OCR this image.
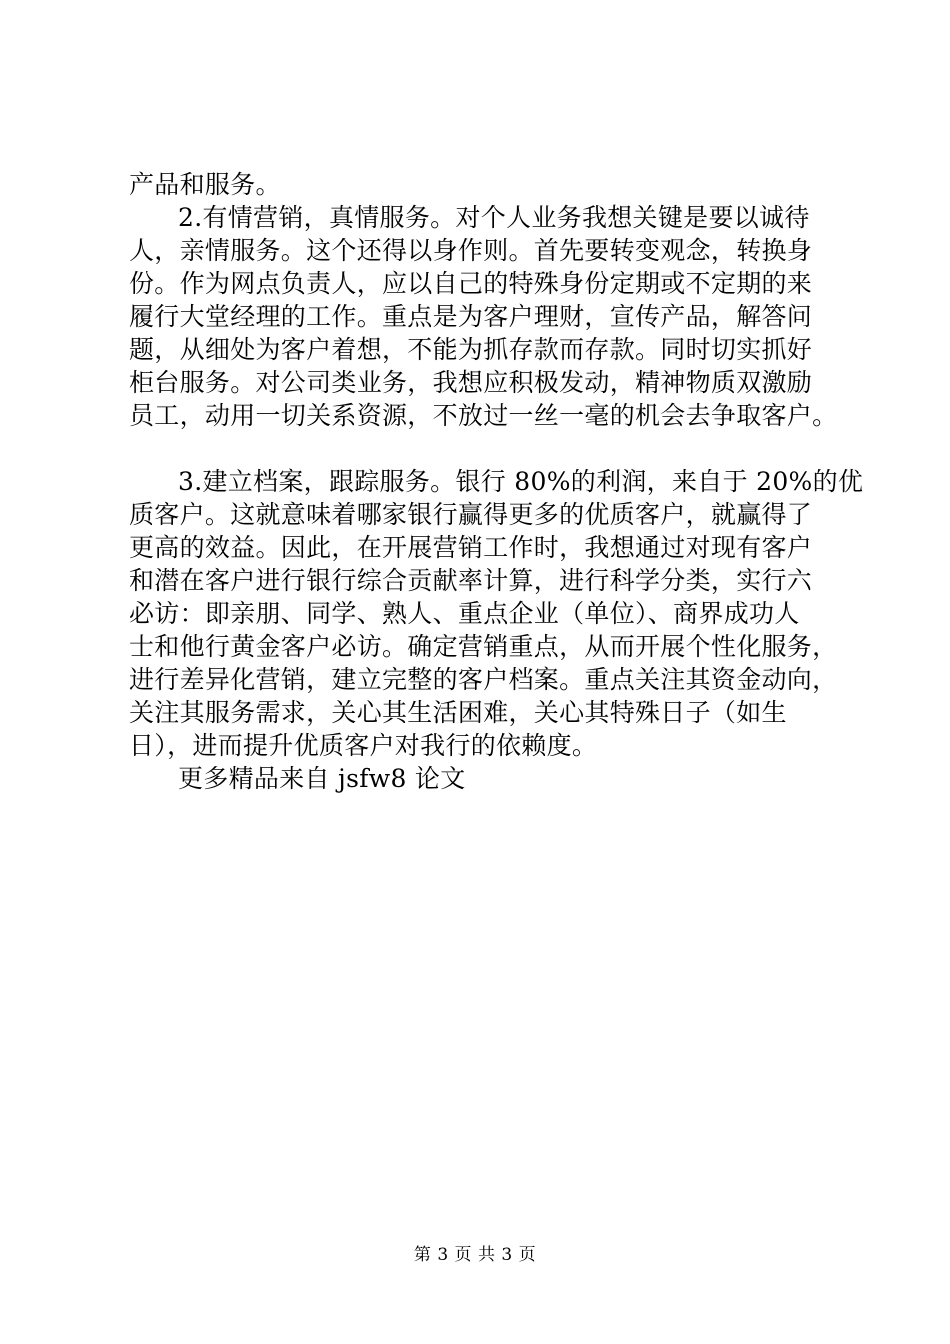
产品和服务。
2.有情营销，真情服务。对个人业务我想关键是要以诚待
人，亲情服务。这个还得以身作则。首先要转变观念，转换身
份。作为网点负责人，应以自己的特殊身份定期或不定期的来
履行大堂经理的工作。重点是为客户理财，宣传产品，解答问
题，从细处为客户着想，不能为抓存款而存款。同时切实抓好
柜台服务。对公司类业务，我想应积极发动，精神物质双激励
员工，动用一切关系资源，不放过一丝一毫的机会去争取客户。
3.建立档案，跟踪服务。银行 80%的利润，来自于 20%的优
质客户。这就意味着哪家银行赢得更多的优质客户，就赢得了
更高的效益。因此，在开展营销工作时，我想通过对现有客户
和潜在客户进行银行综合贡献率计算，进行科学分类，实行六
必访：即亲朋、同学、熟人、重点企业（单位）、商界成功人
士和他行黄金客户必访。确定营销重点，从而开展个性化服务，
进行差异化营销，建立完整的客户档案。重点关注其资金动向，
关注其服务需求，关心其生活困难，关心其特殊日子（如生
日），进而提升优质客户对我行的依赖度。
更多精品来自 jsfw8 论文
第 3 页 共 3 页
